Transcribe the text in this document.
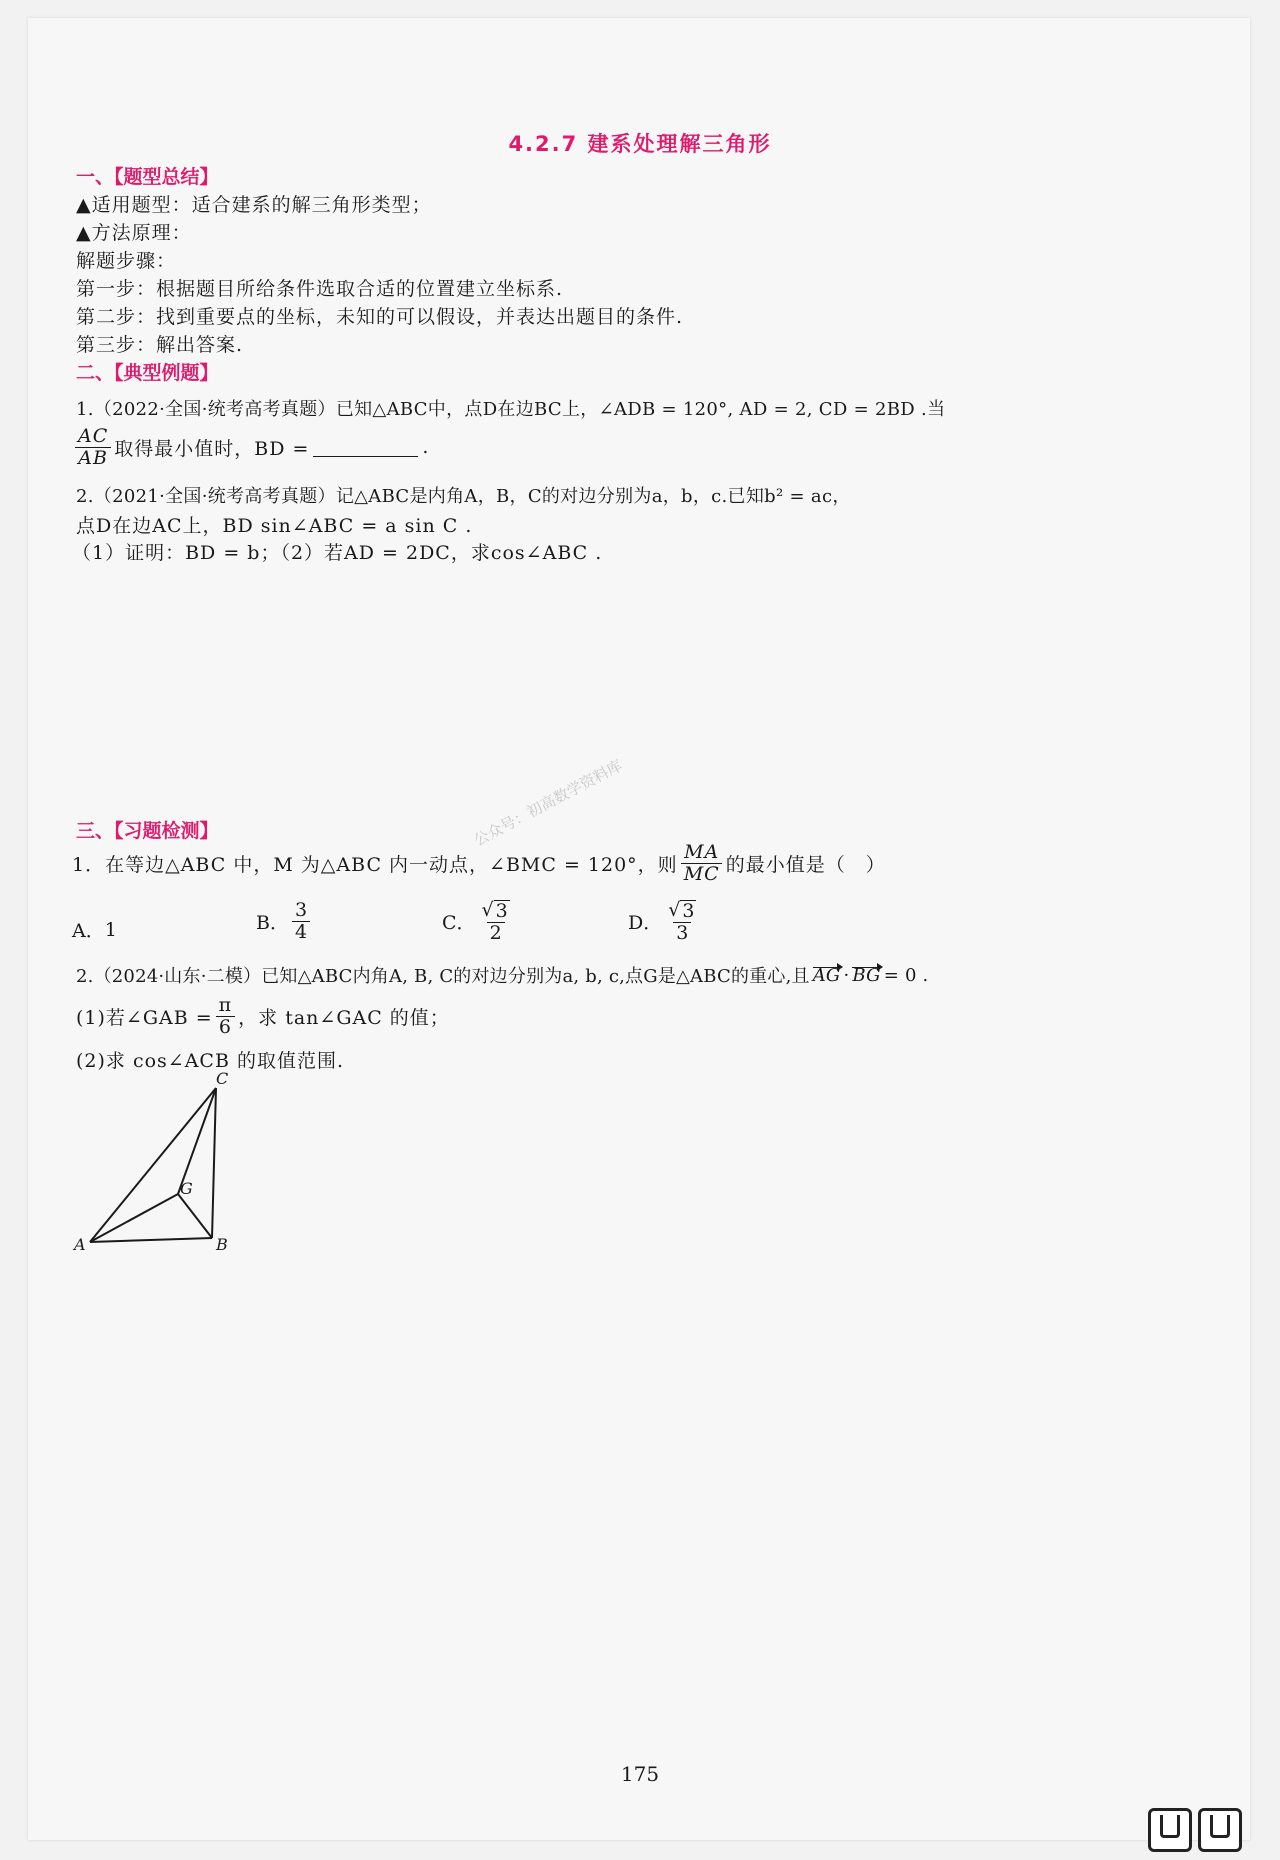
4.2.7 建系处理解三角形
一、【题型总结】
▲适用题型：适合建系的解三角形类型；
▲方法原理：
解题步骤：
第一步：根据题目所给条件选取合适的位置建立坐标系.
第二步：找到重要点的坐标，未知的可以假设，并表达出题目的条件.
第三步：解出答案.
二、【典型例题】
1.（2022·全国·统考高考真题）已知△ABC中，点D在边BC上，∠ADB = 120°, AD = 2, CD = 2BD .当
$\frac{AC}{AB}$ 取得最小值时，BD =	.
2.（2021·全国·统考高考真题）记△ABC是内角A，B，C的对边分别为a，b，c.已知b² = ac，
点D在边AC上，BD sin∠ABC = a sin C .
（1）证明：BD = b；（2）若AD = 2DC，求cos∠ABC .
公众号：初高数学资料库
三、【习题检测】
1．在等边△ABC 中，M 为△ABC 内一动点，∠BMC = 120°，则 $\frac{MA}{MC}$ 的最小值是（　）
A． 1	B． $\frac{3}{4}$	C． $\frac{√ 3}{2}$	D． $\frac{√ 3}{3}$
2.（2024·山东·二模）已知△ABC内角A, B, C的对边分别为a, b, c,点G是△ABC的重心,且 AG · BG = 0 .
(1)若∠GAB = $\frac{\pi}{6}$ ，求 tan∠GAC 的值；
(2)求 cos∠ACB 的取值范围.
A	B
C
G
175
